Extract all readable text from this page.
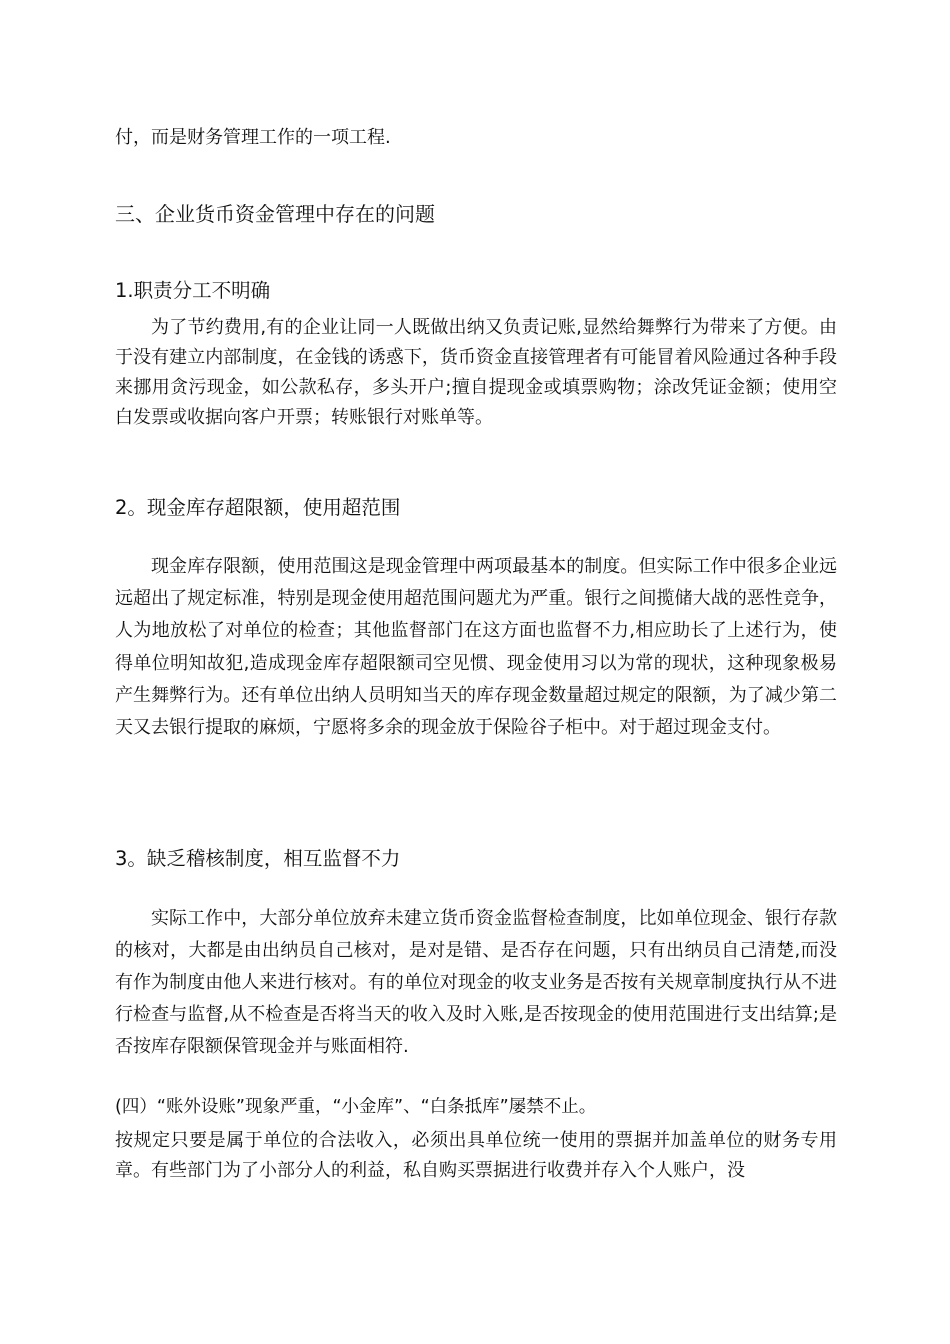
付，而是财务管理工作的一项工程.

三、企业货币资金管理中存在的问题

1.职责分工不明确

为了节约费用,有的企业让同一人既做出纳又负责记账,显然给舞弊行为带来了方便。由于没有建立内部制度，在金钱的诱惑下，货币资金直接管理者有可能冒着风险通过各种手段来挪用贪污现金，如公款私存，多头开户;擅自提现金或填票购物；涂改凭证金额；使用空白发票或收据向客户开票；转账银行对账单等。

2。现金库存超限额，使用超范围

现金库存限额，使用范围这是现金管理中两项最基本的制度。但实际工作中很多企业远远超出了规定标准，特别是现金使用超范围问题尤为严重。银行之间揽储大战的恶性竞争，人为地放松了对单位的检查；其他监督部门在这方面也监督不力,相应助长了上述行为，使得单位明知故犯,造成现金库存超限额司空见惯、现金使用习以为常的现状，这种现象极易产生舞弊行为。还有单位出纳人员明知当天的库存现金数量超过规定的限额，为了减少第二天又去银行提取的麻烦，宁愿将多余的现金放于保险谷子柜中。对于超过现金支付。

3。缺乏稽核制度，相互监督不力

实际工作中，大部分单位放弃未建立货币资金监督检查制度，比如单位现金、银行存款的核对，大都是由出纳员自己核对，是对是错、是否存在问题，只有出纳员自己清楚,而没有作为制度由他人来进行核对。有的单位对现金的收支业务是否按有关规章制度执行从不进行检查与监督,从不检查是否将当天的收入及时入账,是否按现金的使用范围进行支出结算;是否按库存限额保管现金并与账面相符.

(四）“账外设账”现象严重，“小金库”、“白条抵库”屡禁不止。

按规定只要是属于单位的合法收入，必须出具单位统一使用的票据并加盖单位的财务专用章。有些部门为了小部分人的利益，私自购买票据进行收费并存入个人账户，没
